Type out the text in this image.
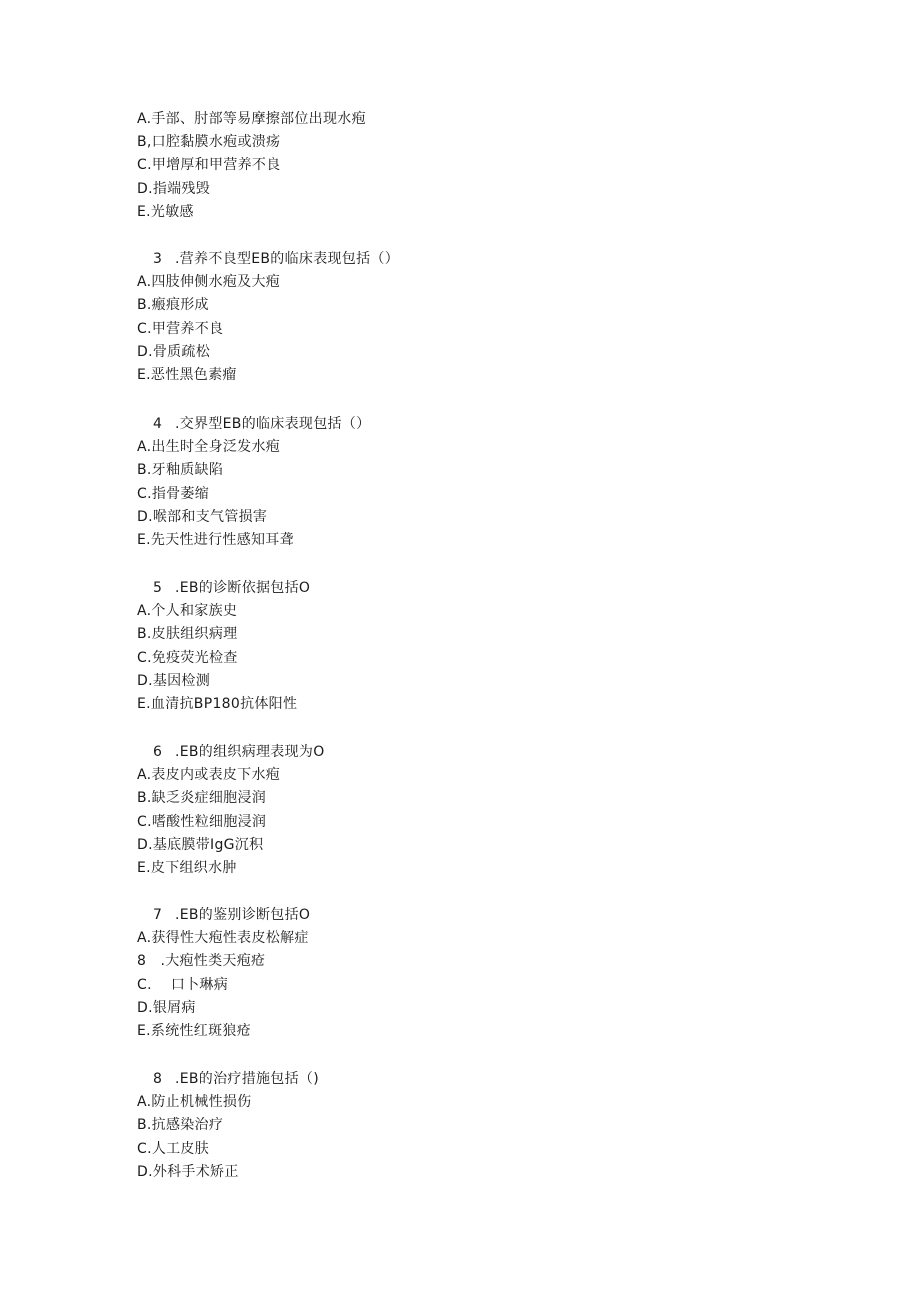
A.手部、肘部等易摩擦部位出现水疱
B,口腔黏膜水疱或溃疡
C.甲增厚和甲营养不良
D.指端残毁
E.光敏感
3 .营养不良型EB的临床表现包括（）
A.四肢伸侧水疱及大疱
B.瘢痕形成
C.甲营养不良
D.骨质疏松
E.恶性黑色素瘤
4 .交界型EB的临床表现包括（）
A.出生时全身泛发水疱
B.牙釉质缺陷
C.指骨萎缩
D.喉部和支气管损害
E.先天性进行性感知耳聋
5 .EB的诊断依据包括O
A.个人和家族史
B.皮肤组织病理
C.免疫荧光检查
D.基因检测
E.血清抗BP180抗体阳性
6 .EB的组织病理表现为O
A.表皮内或表皮下水疱
B.缺乏炎症细胞浸润
C.嗜酸性粒细胞浸润
D.基底膜带IgG沉积
E.皮下组织水肿
7 .EB的鉴别诊断包括O
A.获得性大疱性表皮松解症
8   .大疱性类天疱疮
C.    口卜琳病
D.银屑病
E.系统性红斑狼疮
8 .EB的治疗措施包括（)
A.防止机械性损伤
B.抗感染治疗
C.人工皮肤
D.外科手术矫正
